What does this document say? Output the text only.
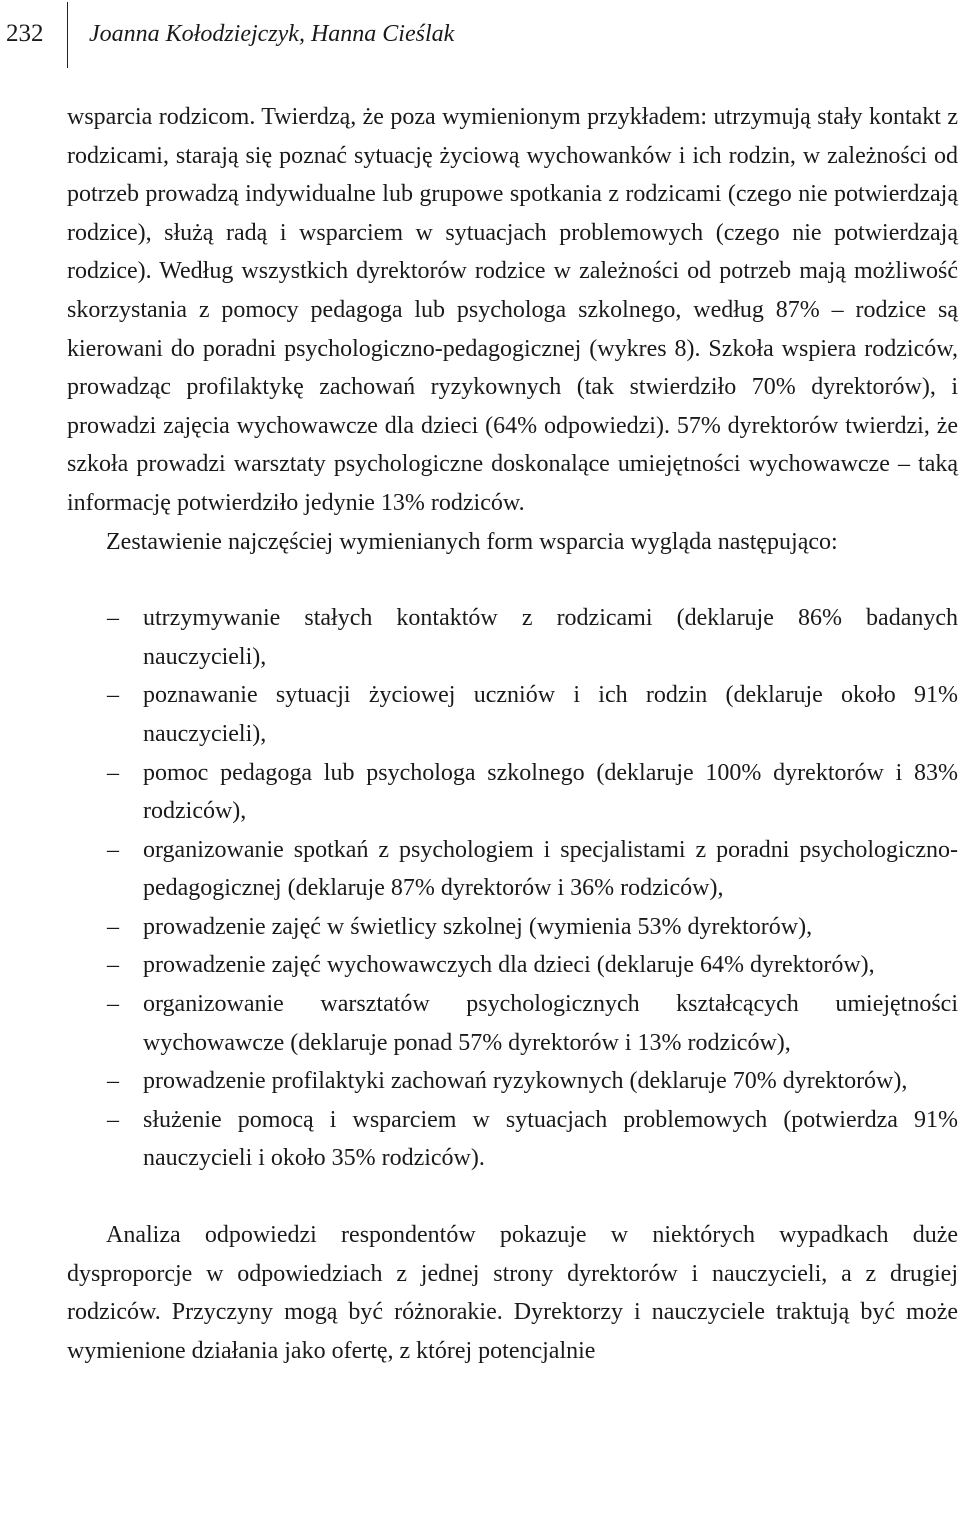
232 Joanna Kołodziejczyk, Hanna Cieślak

wsparcia rodzicom. Twierdzą, że poza wymienionym przykładem: utrzymują stały kontakt z rodzicami, starają się poznać sytuację życiową wychowanków i ich rodzin, w zależności od potrzeb prowadzą indywidualne lub grupowe spotkania z rodzicami (czego nie potwierdzają rodzice), służą radą i wsparciem w sytuacjach problemowych (czego nie potwierdzają rodzice). Według wszystkich dyrektorów rodzice w zależności od potrzeb mają możliwość skorzystania z pomocy pedagoga lub psychologa szkolnego, według 87% – rodzice są kierowani do poradni psychologiczno-pedagogicznej (wykres 8). Szkoła wspiera rodziców, prowadząc profilaktykę zachowań ryzykownych (tak stwierdziło 70% dyrektorów), i prowadzi zajęcia wychowawcze dla dzieci (64% odpowiedzi). 57% dyrektorów twierdzi, że szkoła prowadzi warsztaty psychologiczne doskonalące umiejętności wychowawcze – taką informację potwierdziło jedynie 13% rodziców.

Zestawienie najczęściej wymienianych form wsparcia wygląda następująco:

– utrzymywanie stałych kontaktów z rodzicami (deklaruje 86% badanych nauczycieli),
– poznawanie sytuacji życiowej uczniów i ich rodzin (deklaruje około 91% nauczycieli),
– pomoc pedagoga lub psychologa szkolnego (deklaruje 100% dyrektorów i 83% rodziców),
– organizowanie spotkań z psychologiem i specjalistami z poradni psychologiczno-pedagogicznej (deklaruje 87% dyrektorów i 36% rodziców),
– prowadzenie zajęć w świetlicy szkolnej (wymienia 53% dyrektorów),
– prowadzenie zajęć wychowawczych dla dzieci (deklaruje 64% dyrektorów),
– organizowanie warsztatów psychologicznych kształcących umiejętności wychowawcze (deklaruje ponad 57% dyrektorów i 13% rodziców),
– prowadzenie profilaktyki zachowań ryzykownych (deklaruje 70% dyrektorów),
– służenie pomocą i wsparciem w sytuacjach problemowych (potwierdza 91% nauczycieli i około 35% rodziców).

Analiza odpowiedzi respondentów pokazuje w niektórych wypadkach duże dysproporcje w odpowiedziach z jednej strony dyrektorów i nauczycieli, a z drugiej rodziców. Przyczyny mogą być różnorakie. Dyrektorzy i nauczyciele traktują być może wymienione działania jako ofertę, z której potencjalnie
